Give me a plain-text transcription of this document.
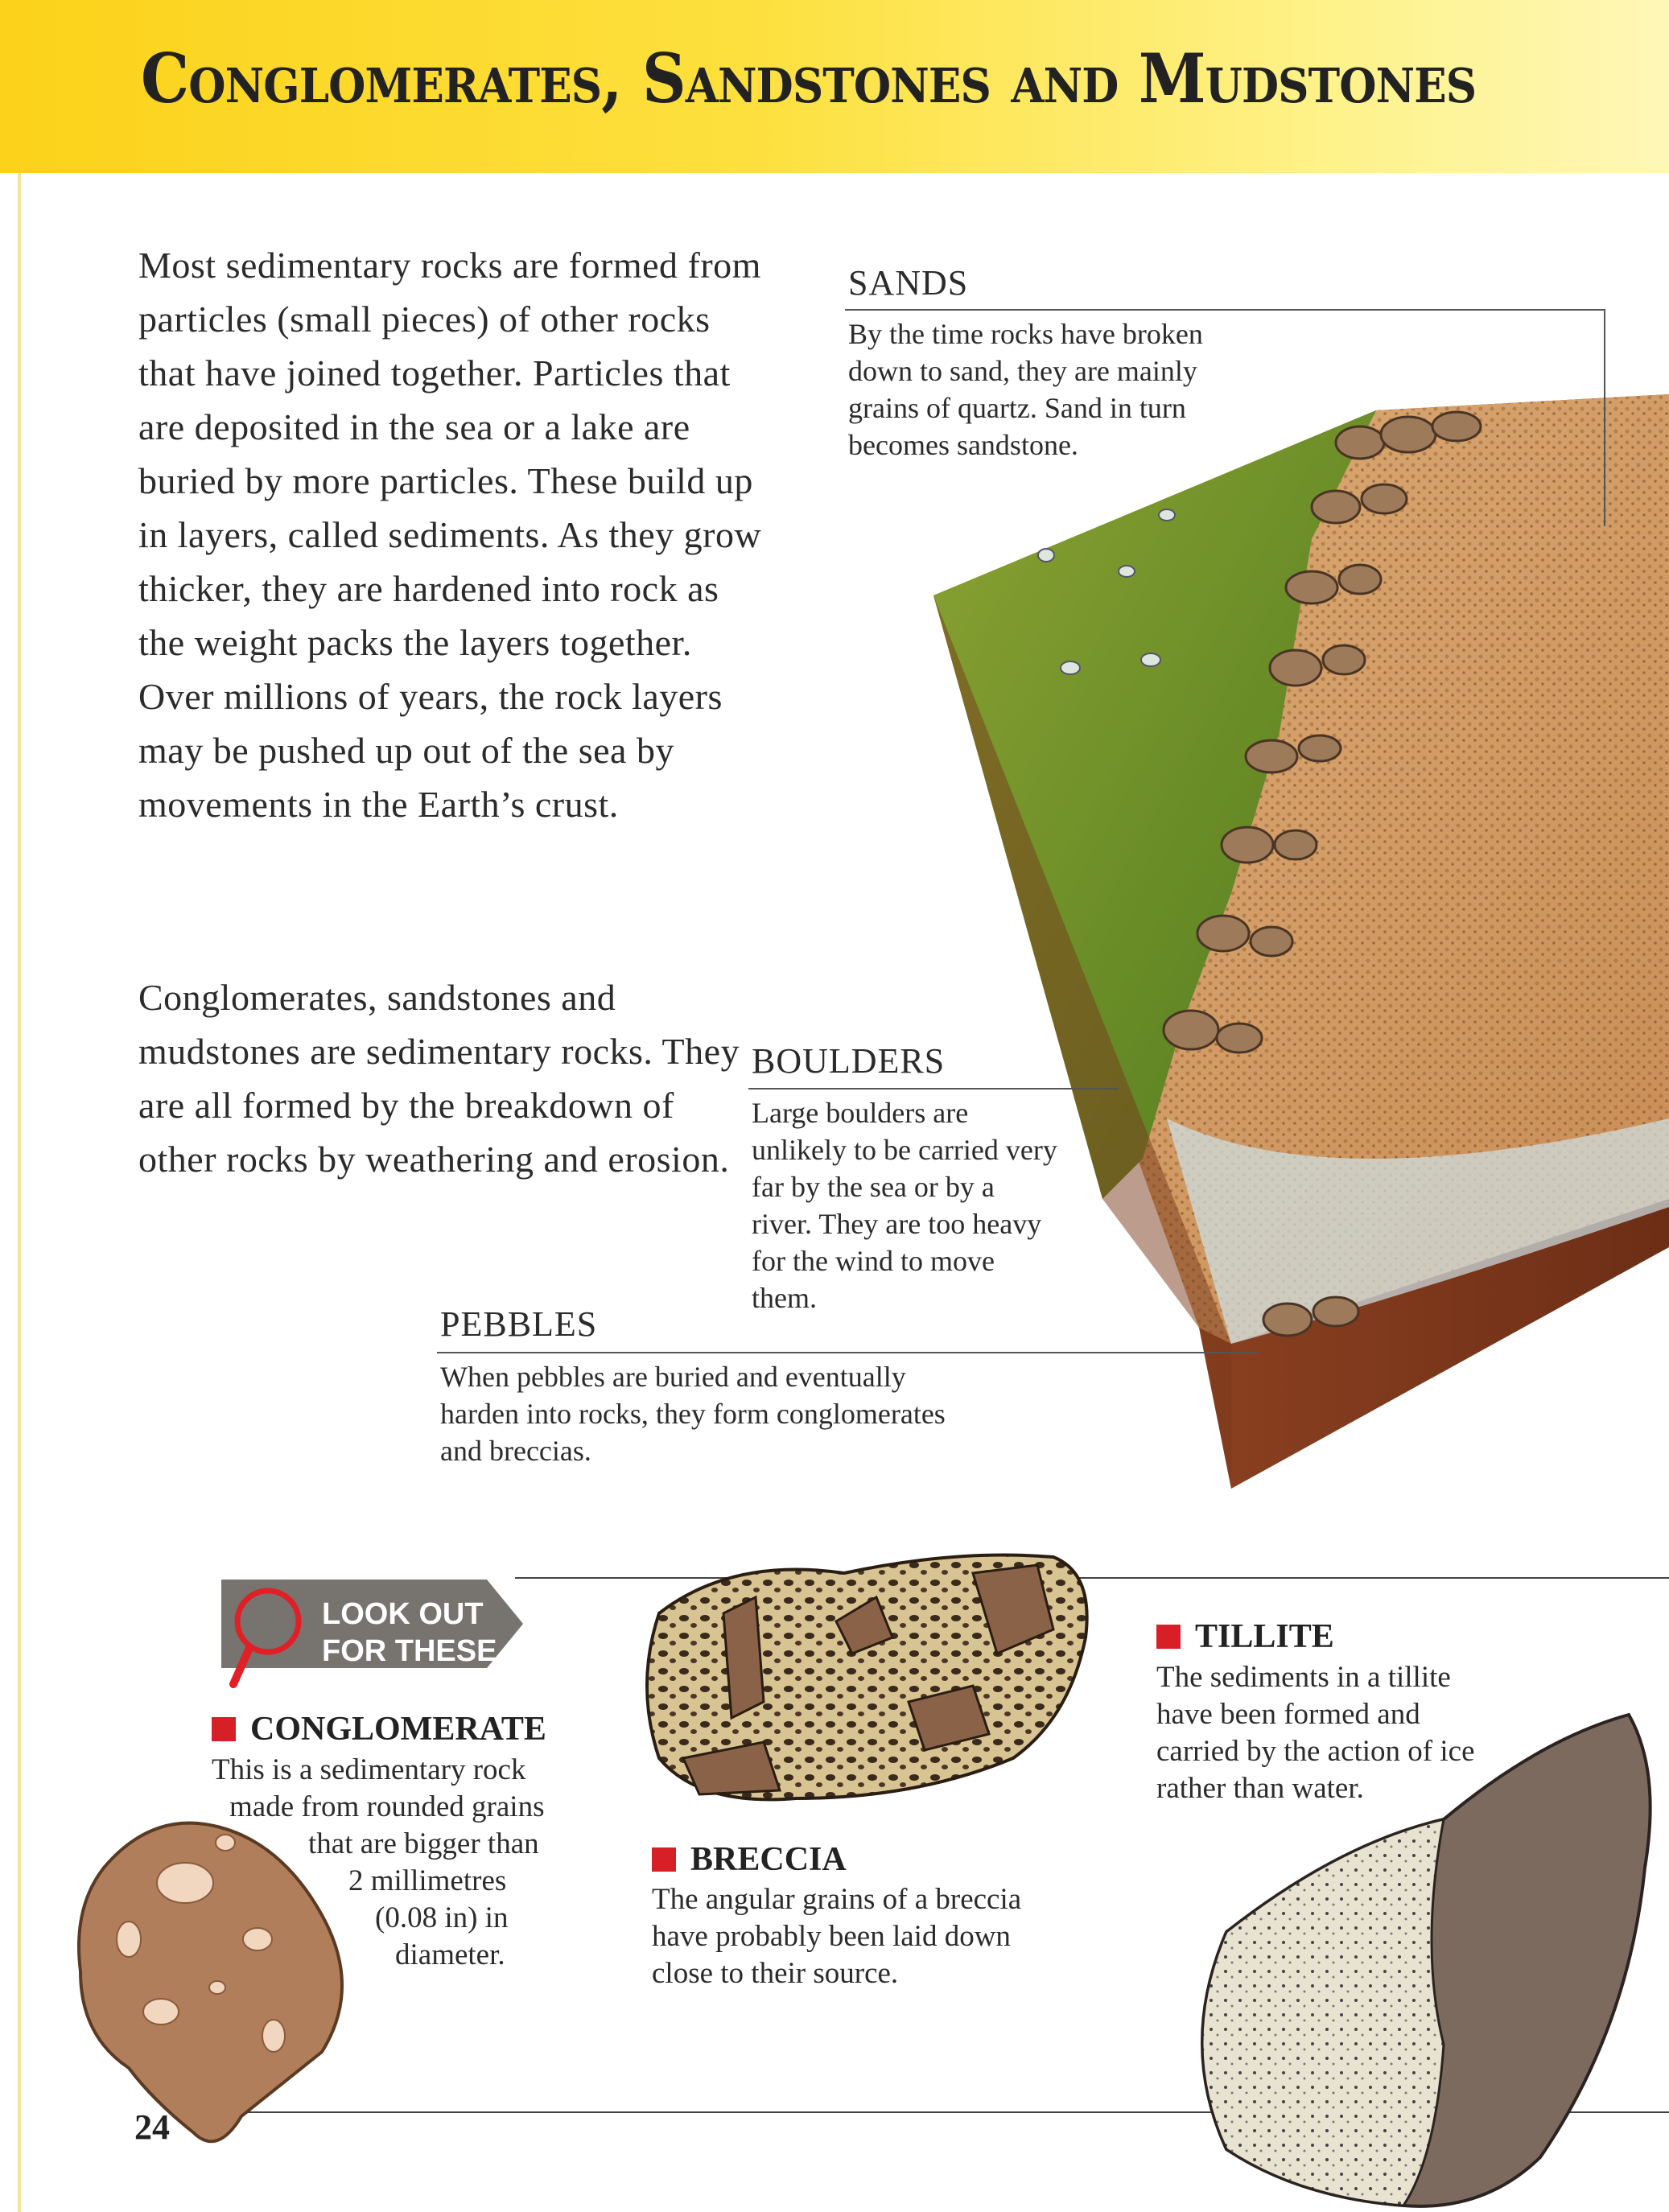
Conglomerates, Sandstones and Mudstones

Most sedimentary rocks are formed from particles (small pieces) of other rocks that have joined together. Particles that are deposited in the sea or a lake are buried by more particles. These build up in layers, called sediments. As they grow thicker, they are hardened into rock as the weight packs the layers together. Over millions of years, the rock layers may be pushed up out of the sea by movements in the Earth’s crust.

Conglomerates, sandstones and mudstones are sedimentary rocks. They are all formed by the breakdown of other rocks by weathering and erosion.

SANDS

By the time rocks have broken down to sand, they are mainly grains of quartz. Sand in turn becomes sandstone.

BOULDERS

Large boulders are unlikely to be carried very far by the sea or by a river. They are too heavy for the wind to move them.

PEBBLES

When pebbles are buried and eventually harden into rocks, they form conglomerates and breccias.

LOOK OUT
FOR THESE
CONGLOMERATE
This is a sedimentary rock
made from rounded grains
that are bigger than
2 millimetres
(0.08 in) in
diameter.
BRECCIA

The angular grains of a breccia have probably been laid down close to their source.

TILLITE

The sediments in a tillite have been formed and carried by the action of ice rather than water.

24
